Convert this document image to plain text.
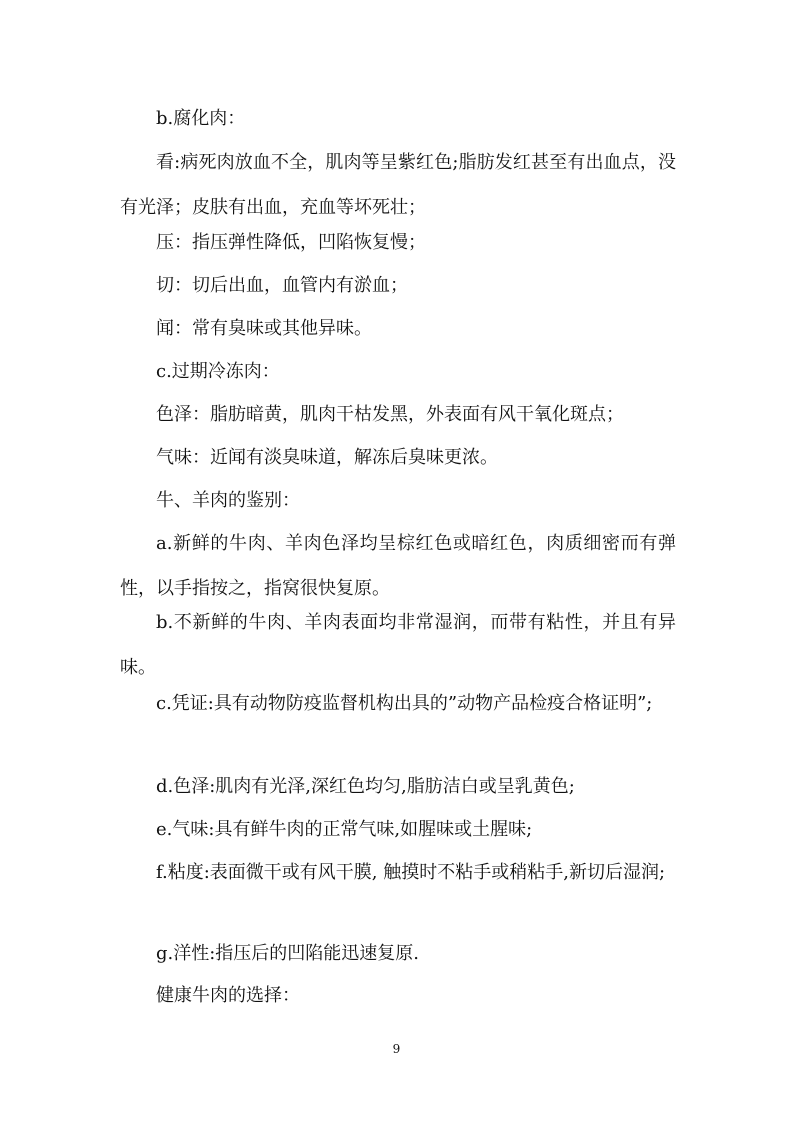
b.腐化肉：

看:病死肉放血不全，肌肉等呈紫红色;脂肪发红甚至有出血点，没有光泽；皮肤有出血，充血等坏死壮；

压：指压弹性降低，凹陷恢复慢；

切：切后出血，血管内有淤血；

闻：常有臭味或其他异味。

c.过期冷冻肉：

色泽：脂肪暗黄，肌肉干枯发黑，外表面有风干氧化斑点；

气味：近闻有淡臭味道，解冻后臭味更浓。

牛、羊肉的鉴别：

a.新鲜的牛肉、羊肉色泽均呈棕红色或暗红色，肉质细密而有弹性，以手指按之，指窝很快复原。

b.不新鲜的牛肉、羊肉表面均非常湿润，而带有粘性，并且有异味。

c.凭证:具有动物防疫监督机构出具的”动物产品检疫合格证明”;

d.色泽:肌肉有光泽,深红色均匀,脂肪洁白或呈乳黄色;

e.气味:具有鲜牛肉的正常气味,如腥味或土腥味;

f.粘度:表面微干或有风干膜, 触摸时不粘手或稍粘手,新切后湿润;

g.洋性:指压后的凹陷能迅速复原.

健康牛肉的选择：

9
